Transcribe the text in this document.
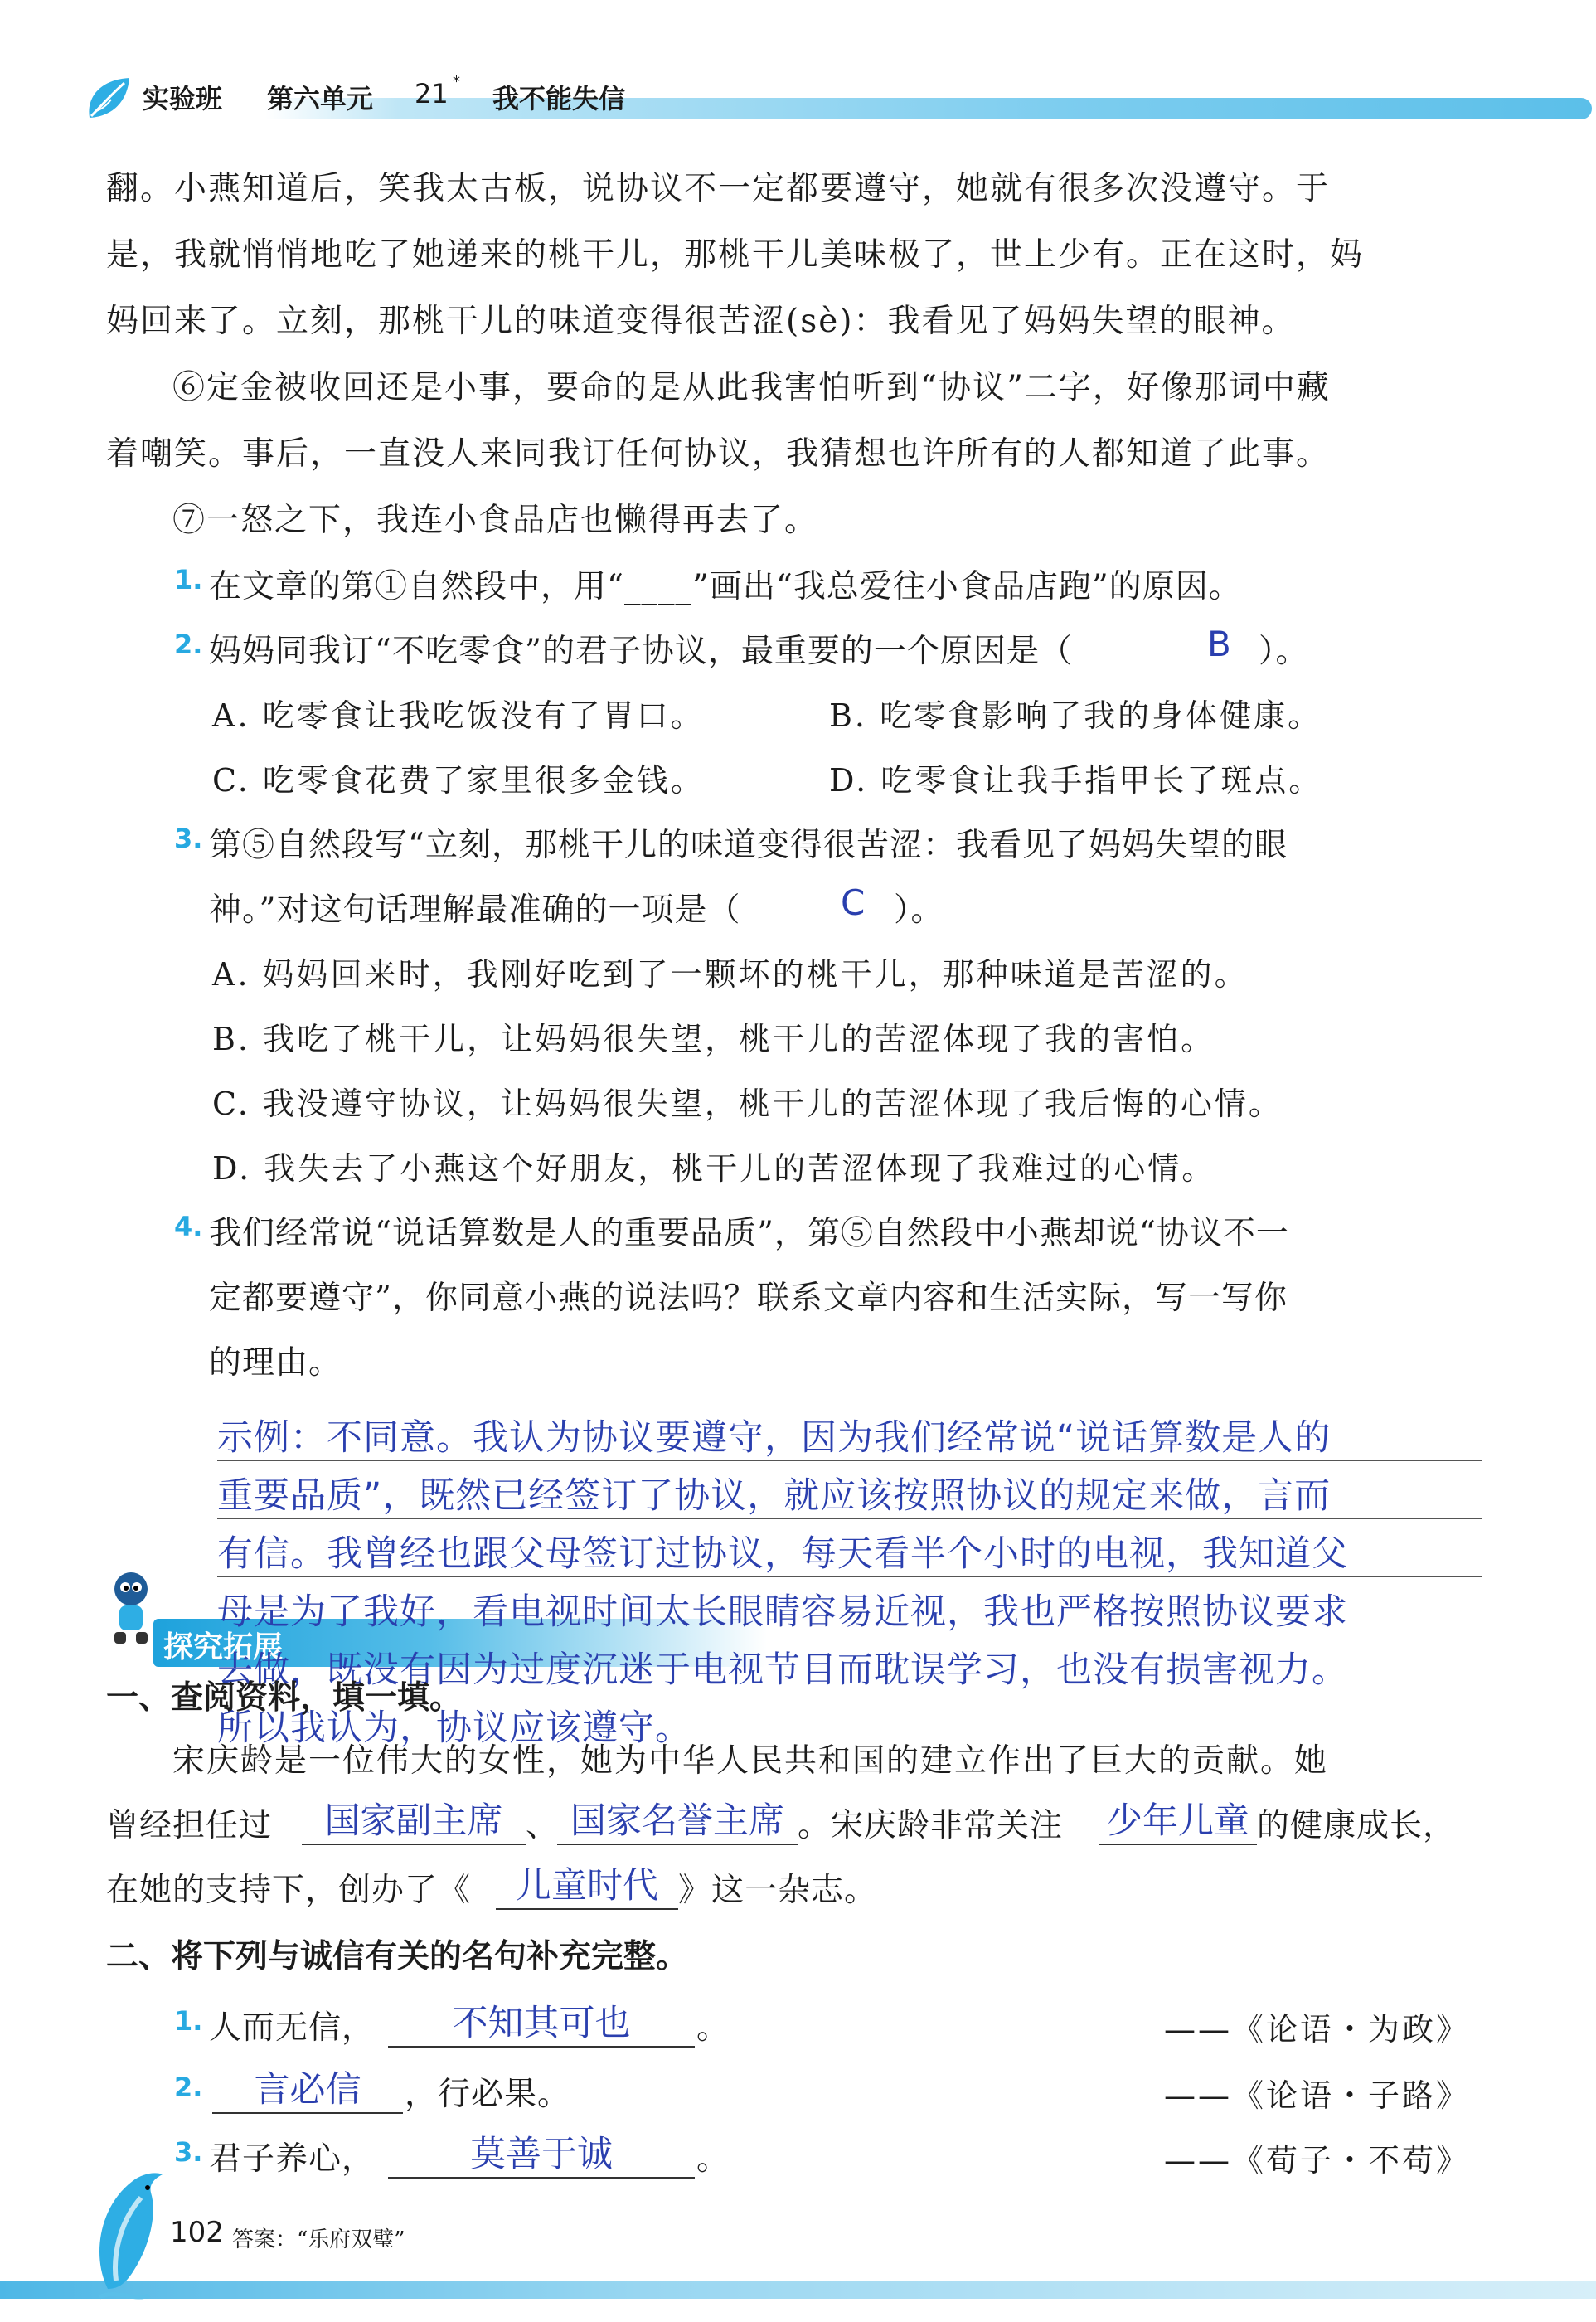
实验班 第六单元 21 *
我不能失信
翻。小燕知道后，笑我太古板，说协议不一定都要遵守，她就有很多次没遵守。于
是，我就悄悄地吃了她递来的桃干儿，那桃干儿美味极了，世上少有。正在这时，妈
妈回来了。立刻，那桃干儿的味道变得很苦涩(sè)：我看见了妈妈失望的眼神。
⑥定金被收回还是小事，要命的是从此我害怕听到“协议”二字，好像那词中藏
着嘲笑。事后，一直没人来同我订任何协议，我猜想也许所有的人都知道了此事。
⑦一怒之下，我连小食品店也懒得再去了。
1. 在文章的第①自然段中，用“____”画出“我总爱往小食品店跑”的原因。
2. 妈妈同我订“不吃零食”的君子协议，最重要的一个原因是（	B ）。
A. 吃零食让我吃饭没有了胃口。	B. 吃零食影响了我的身体健康。
C. 吃零食花费了家里很多金钱。	D. 吃零食让我手指甲长了斑点。
3. 第⑤自然段写“立刻，那桃干儿的味道变得很苦涩：我看见了妈妈失望的眼
神。”对这句话理解最准确的一项是（	C ）。
A. 妈妈回来时，我刚好吃到了一颗坏的桃干儿，那种味道是苦涩的。
B. 我吃了桃干儿，让妈妈很失望，桃干儿的苦涩体现了我的害怕。
C. 我没遵守协议，让妈妈很失望，桃干儿的苦涩体现了我后悔的心情。
D. 我失去了小燕这个好朋友，桃干儿的苦涩体现了我难过的心情。
4. 我们经常说“说话算数是人的重要品质”，第⑤自然段中小燕却说“协议不一
定都要遵守”，你同意小燕的说法吗？联系文章内容和生活实际，写一写你
的理由。
示例：不同意。我认为协议要遵守，因为我们经常说“说话算数是人的
重要品质”，既然已经签订了协议，就应该按照协议的规定来做，言而
有信。我曾经也跟父母签订过协议，每天看半个小时的电视，我知道父
探究拓展
母是为了我好，看电视时间太长眼睛容易近视，我也严格按照协议要求
去做，既没有因为过度沉迷于电视节目而耽误学习，也没有损害视力。
所以我认为，协议应该遵守。
一、查阅资料，填一填。
宋庆龄是一位伟大的女性，她为中华人民共和国的建立作出了巨大的贡献。她
曾经担任过	国家副主席 、 国家名誉主席 。宋庆龄非常关注 少年儿童 的健康成长，
在她的支持下，创办了《	儿童时代 》这一杂志。
二、将下列与诚信有关的名句补充完整。
1. 人而无信，	不知其可也	。	——《论语・为政》
2.	言必信	，行必果。	——《论语・子路》
3. 君子养心，	莫善于诚	。	——《荀子・不苟》
102 答案：“乐府双璧”
